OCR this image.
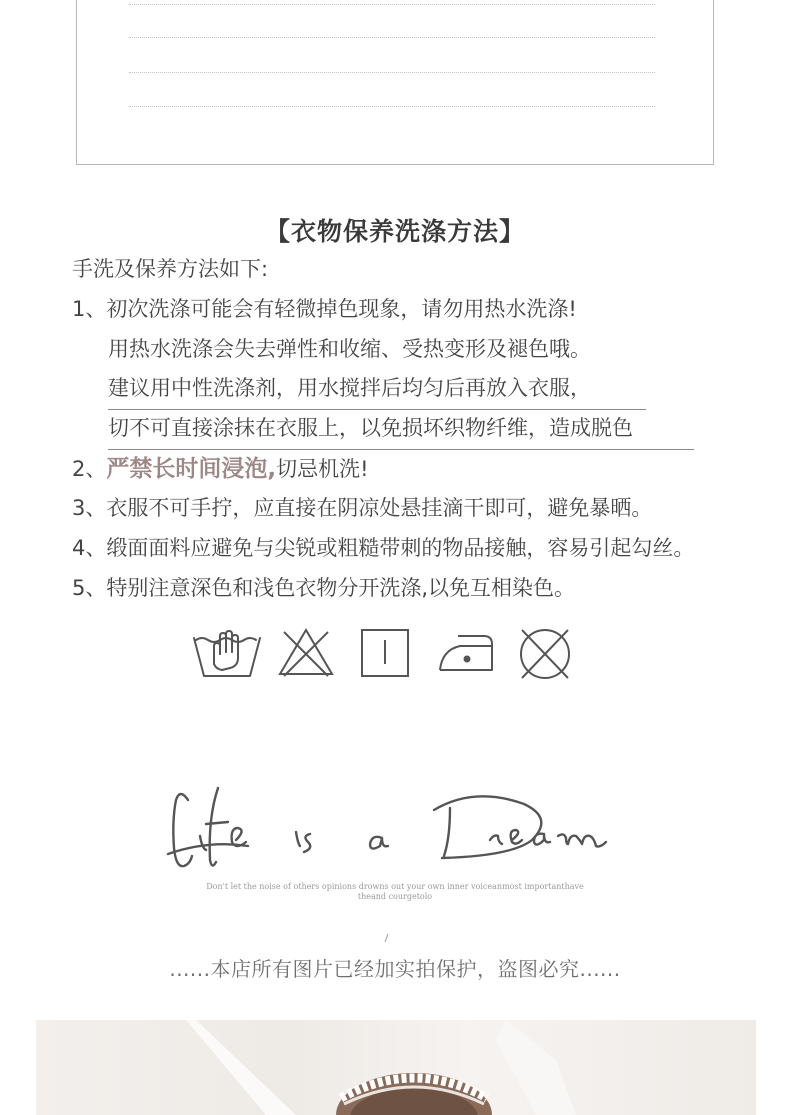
【衣物保养洗涤方法】
手洗及保养方法如下:
1、初次洗涤可能会有轻微掉色现象，请勿用热水洗涤!
用热水洗涤会失去弹性和收缩、受热变形及褪色哦。
建议用中性洗涤剂，用水搅拌后均匀后再放入衣服，
切不可直接涂抹在衣服上，以免损坏织物纤维，造成脱色
2、严禁长时间浸泡,切忌机洗!
3、衣服不可手拧，应直接在阴凉处悬挂滴干即可，避免暴晒。
4、缎面面料应避免与尖锐或粗糙带刺的物品接触，容易引起勾丝。
5、特别注意深色和浅色衣物分开洗涤,以免互相染色。
Don't let the noise of others opinions drowns out your own inner voiceanmost importanthave
theand courgetolo
......本店所有图片已经加实拍保护，盗图必究......
